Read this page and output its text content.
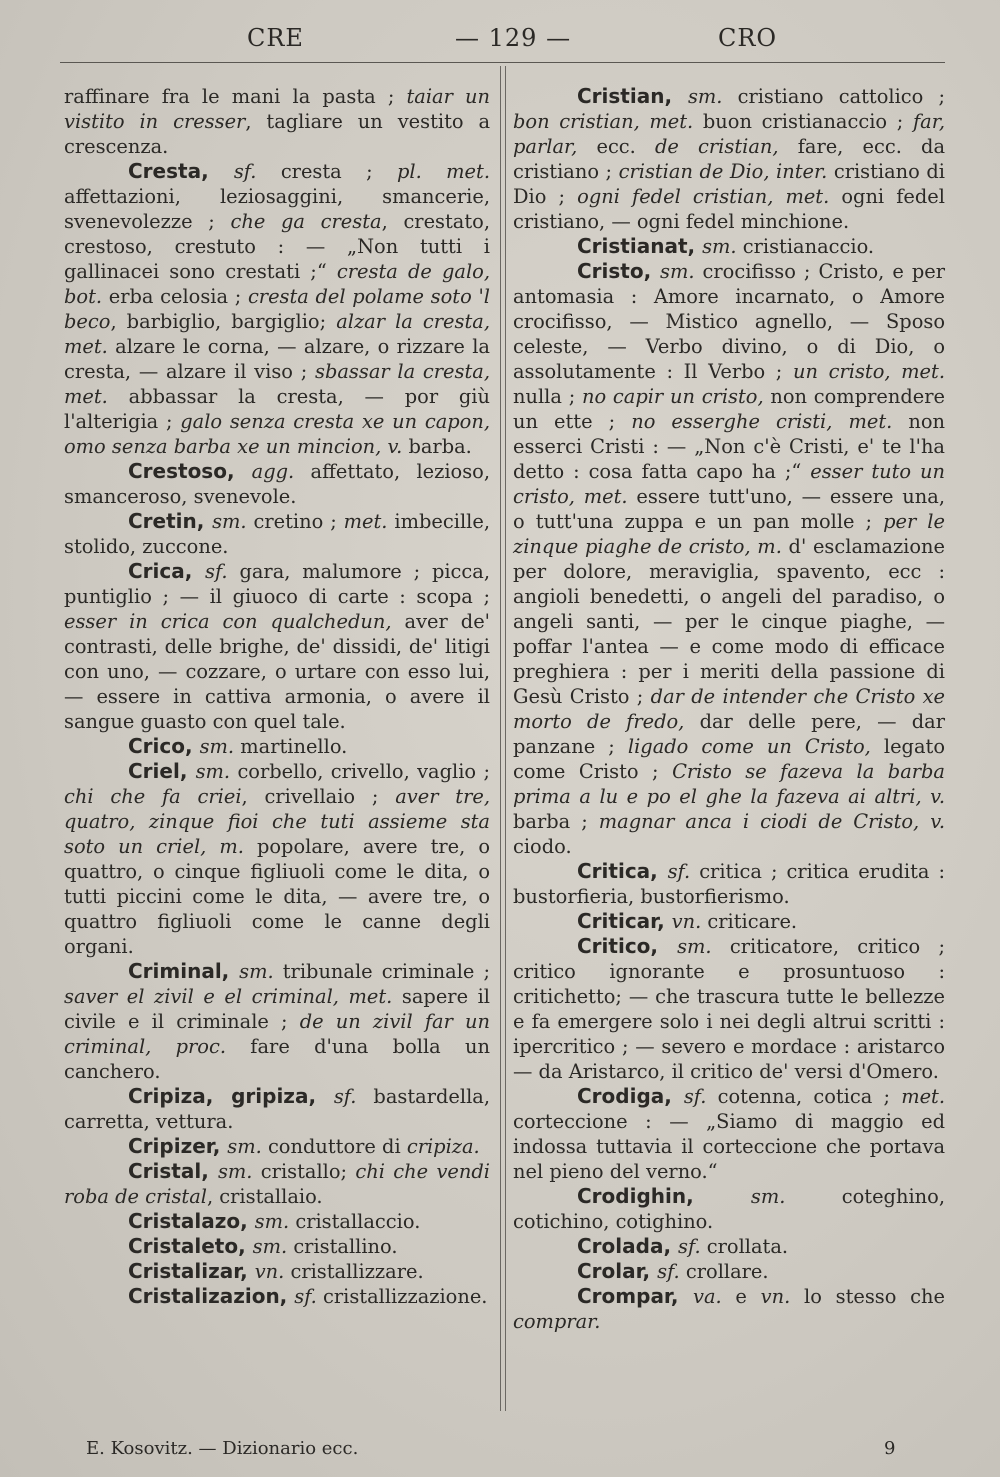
CRE	— 129 —	CRO

raffinare fra le mani la pasta ; taiar un vistito in cresser, tagliare un vestito a crescenza.

Cresta, sf. cresta ; pl. met. affettazioni, leziosaggini, smancerie, svenevolezze ; che ga cresta, crestato, crestoso, crestuto : — „Non tutti i gallinacei sono crestati ;“ cresta de galo, bot. erba celosia ; cresta del polame soto 'l beco, barbiglio, bargiglio; alzar la cresta, met. alzare le corna, — alzare, o rizzare la cresta, — alzare il viso ; sbassar la cresta, met. abbassar la cresta, — por giù l'alterigia ; galo senza cresta xe un capon, omo senza barba xe un mincion, v. barba.

Crestoso, agg. affettato, lezioso, smanceroso, svenevole.

Cretin, sm. cretino ; met. imbecille, stolido, zuccone.

Crica, sf. gara, malumore ; picca, puntiglio ; — il giuoco di carte : scopa ; esser in crica con qualchedun, aver de' contrasti, delle brighe, de' dissidi, de' litigi con uno, — cozzare, o urtare con esso lui, — essere in cattiva armonia, o avere il sangue guasto con quel tale.

Crico, sm. martinello.

Criel, sm. corbello, crivello, vaglio ; chi che fa criei, crivellaio ; aver tre, quatro, zinque fioi che tuti assieme sta soto un criel, m. popolare, avere tre, o quattro, o cinque figliuoli come le dita, o tutti piccini come le dita, — avere tre, o quattro figliuoli come le canne degli organi.

Criminal, sm. tribunale criminale ; saver el zivil e el criminal, met. sapere il civile e il criminale ; de un zivil far un criminal, proc. fare d'una bolla un canchero.

Cripiza, gripiza, sf. bastardella, carretta, vettura.

Cripizer, sm. conduttore di cripiza.

Cristal, sm. cristallo; chi che vendi roba de cristal, cristallaio.

Cristalazo, sm. cristallaccio.

Cristaleto, sm. cristallino.

Cristalizar, vn. cristallizzare.

Cristalizazion, sf. cristallizzazione.

Cristian, sm. cristiano cattolico ; bon cristian, met. buon cristianaccio ; far, parlar, ecc. de cristian, fare, ecc. da cristiano ; cristian de Dio, inter. cristiano di Dio ; ogni fedel cristian, met. ogni fedel cristiano, — ogni fedel minchione.

Cristianat, sm. cristianaccio.

Cristo, sm. crocifisso ; Cristo, e per antomasia : Amore incarnato, o Amore crocifisso, — Mistico agnello, — Sposo celeste, — Verbo divino, o di Dio, o assolutamente : Il Verbo ; un cristo, met. nulla ; no capir un cristo, non comprendere un ette ; no esserghe cristi, met. non esserci Cristi : — „Non c'è Cristi, e' te l'ha detto : cosa fatta capo ha ;“ esser tuto un cristo, met. essere tutt'uno, — essere una, o tutt'una zuppa e un pan molle ; per le zinque piaghe de cristo, m. d' esclamazione per dolore, meraviglia, spavento, ecc : angioli benedetti, o angeli del paradiso, o angeli santi, — per le cinque piaghe, — poffar l'antea — e come modo di efficace preghiera : per i meriti della passione di Gesù Cristo ; dar de intender che Cristo xe morto de fredo, dar delle pere, — dar panzane ; ligado come un Cristo, legato come Cristo ; Cristo se fazeva la barba prima a lu e po el ghe la fazeva ai altri, v. barba ; magnar anca i ciodi de Cristo, v. ciodo.

Critica, sf. critica ; critica erudita : bustorfieria, bustorfierismo.

Criticar, vn. criticare.

Critico, sm. criticatore, critico ; critico ignorante e prosuntuoso : critichetto; — che trascura tutte le bellezze e fa emergere solo i nei degli altrui scritti : ipercritico ; — severo e mordace : aristarco — da Aristarco, il critico de' versi d'Omero.

Crodiga, sf. cotenna, cotica ; met. corteccione : — „Siamo di maggio ed indossa tuttavia il corteccione che portava nel pieno del verno.“

Crodighin, sm. coteghino, cotichino, cotighino.

Crolada, sf. crollata.

Crolar, sf. crollare.

Crompar, va. e vn. lo stesso che comprar.

E. Kosovitz. — Dizionario ecc.	9
